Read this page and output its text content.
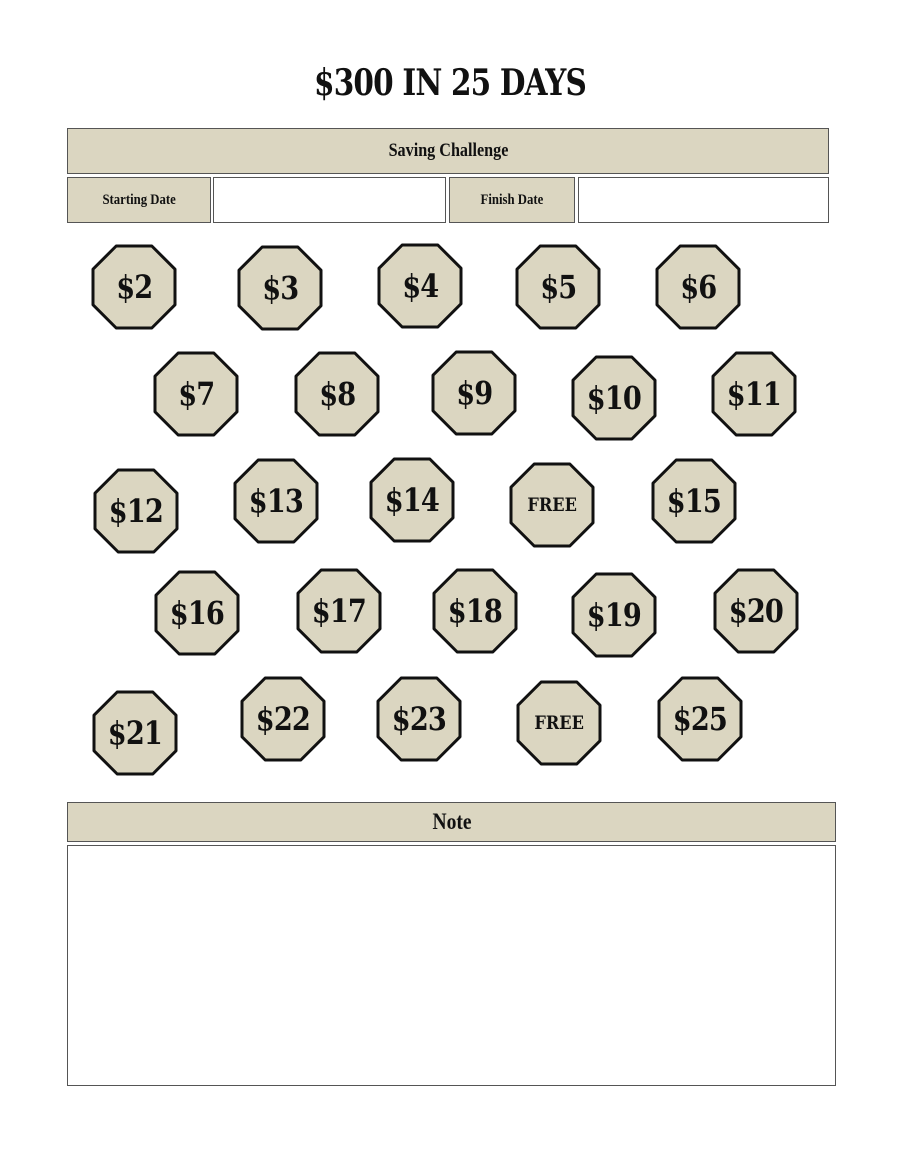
$300 IN 25 DAYS
Saving Challenge
Starting Date	Finish Date
$2	$3	$4	$5	$6
$7	$8	$9	$10	$11
$12	$13	$14	FREE	$15
$16	$17	$18	$19	$20
$21	$22	$23	FREE	$25
Note
